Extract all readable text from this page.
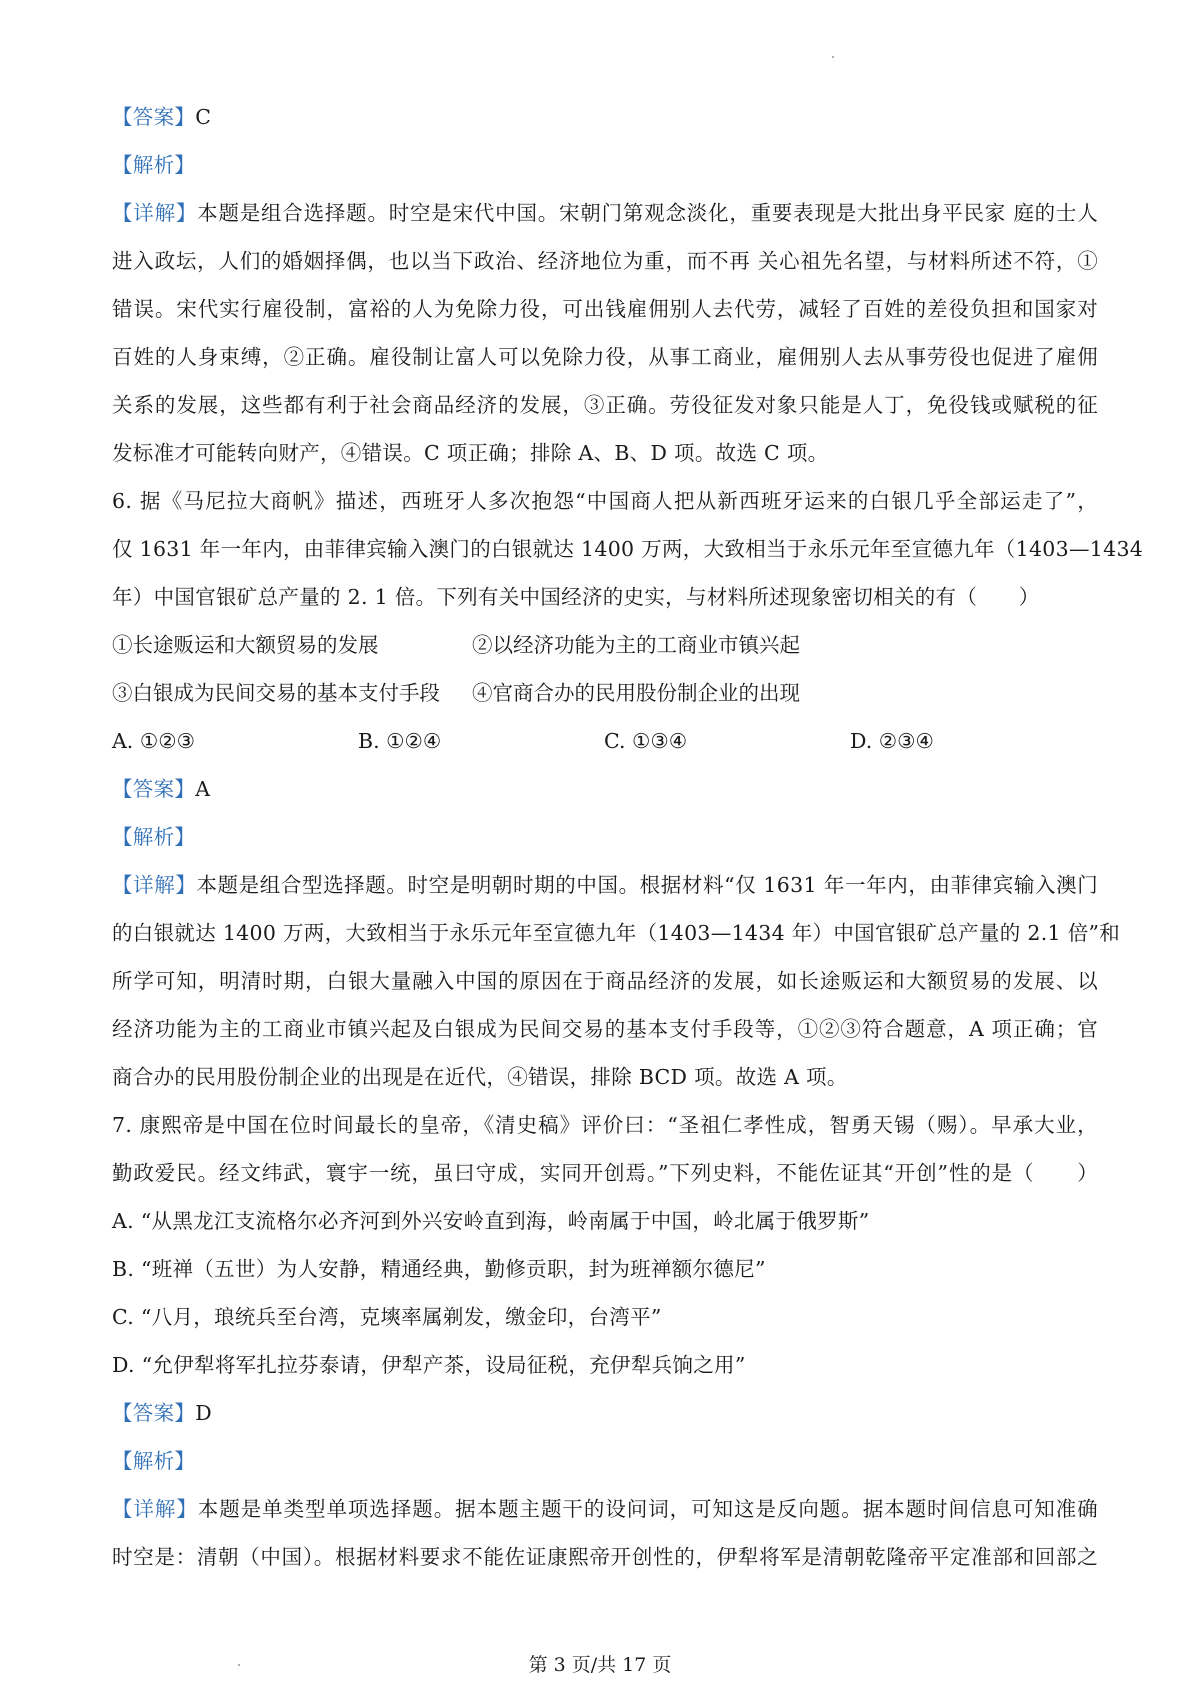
【答案】C
【解析】
【详解】本题是组合选择题。时空是宋代中国。宋朝门第观念淡化，重要表现是大批出身平民家 庭的士人
进入政坛，人们的婚姻择偶，也以当下政治、经济地位为重，而不再 关心祖先名望，与材料所述不符，①
错误。宋代实行雇役制，富裕的人为免除力役，可出钱雇佣别人去代劳，减轻了百姓的差役负担和国家对
百姓的人身束缚，②正确。雇役制让富人可以免除力役，从事工商业，雇佣别人去从事劳役也促进了雇佣
关系的发展，这些都有利于社会商品经济的发展，③正确。劳役征发对象只能是人丁，免役钱或赋税的征
发标准才可能转向财产，④错误。C 项正确；排除 A、B、D 项。故选 C 项。
6. 据《马尼拉大商帆》描述，西班牙人多次抱怨“中国商人把从新西班牙运来的白银几乎全部运走了”，
仅 1631 年一年内，由菲律宾输入澳门的白银就达 1400 万两，大致相当于永乐元年至宣德九年（1403—1434
年）中国官银矿总产量的 2. 1 倍。下列有关中国经济的史实，与材料所述现象密切相关的有（　　）
①长途贩运和大额贸易的发展	②以经济功能为主的工商业市镇兴起
③白银成为民间交易的基本支付手段 ④官商合办的民用股份制企业的出现
A. ①②③	B. ①②④	C. ①③④	D. ②③④
【答案】A
【解析】
【详解】本题是组合型选择题。时空是明朝时期的中国。根据材料“仅 1631 年一年内，由菲律宾输入澳门
的白银就达 1400 万两，大致相当于永乐元年至宣德九年（1403—1434 年）中国官银矿总产量的 2.1 倍”和
所学可知，明清时期，白银大量融入中国的原因在于商品经济的发展，如长途贩运和大额贸易的发展、以
经济功能为主的工商业市镇兴起及白银成为民间交易的基本支付手段等，①②③符合题意，A 项正确；官
商合办的民用股份制企业的出现是在近代，④错误，排除 BCD 项。故选 A 项。
7. 康熙帝是中国在位时间最长的皇帝，《清史稿》评价曰：“圣祖仁孝性成，智勇天锡（赐）。早承大业，
勤政爱民。经文纬武，寰宇一统，虽曰守成，实同开创焉。”下列史料，不能佐证其“开创”性的是（　　）
A. “从黑龙江支流格尔必齐河到外兴安岭直到海，岭南属于中国，岭北属于俄罗斯”
B. “班禅（五世）为人安静，精通经典，勤修贡职，封为班禅额尔德尼”
C. “八月，琅统兵至台湾，克塽率属剃发，缴金印，台湾平”
D. “允伊犁将军扎拉芬泰请，伊犁产茶，设局征税，充伊犁兵饷之用”
【答案】D
【解析】
【详解】本题是单类型单项选择题。据本题主题干的设问词，可知这是反向题。据本题时间信息可知准确
时空是：清朝（中国）。根据材料要求不能佐证康熙帝开创性的，伊犁将军是清朝乾隆帝平定准部和回部之
第 3 页/共 17 页
